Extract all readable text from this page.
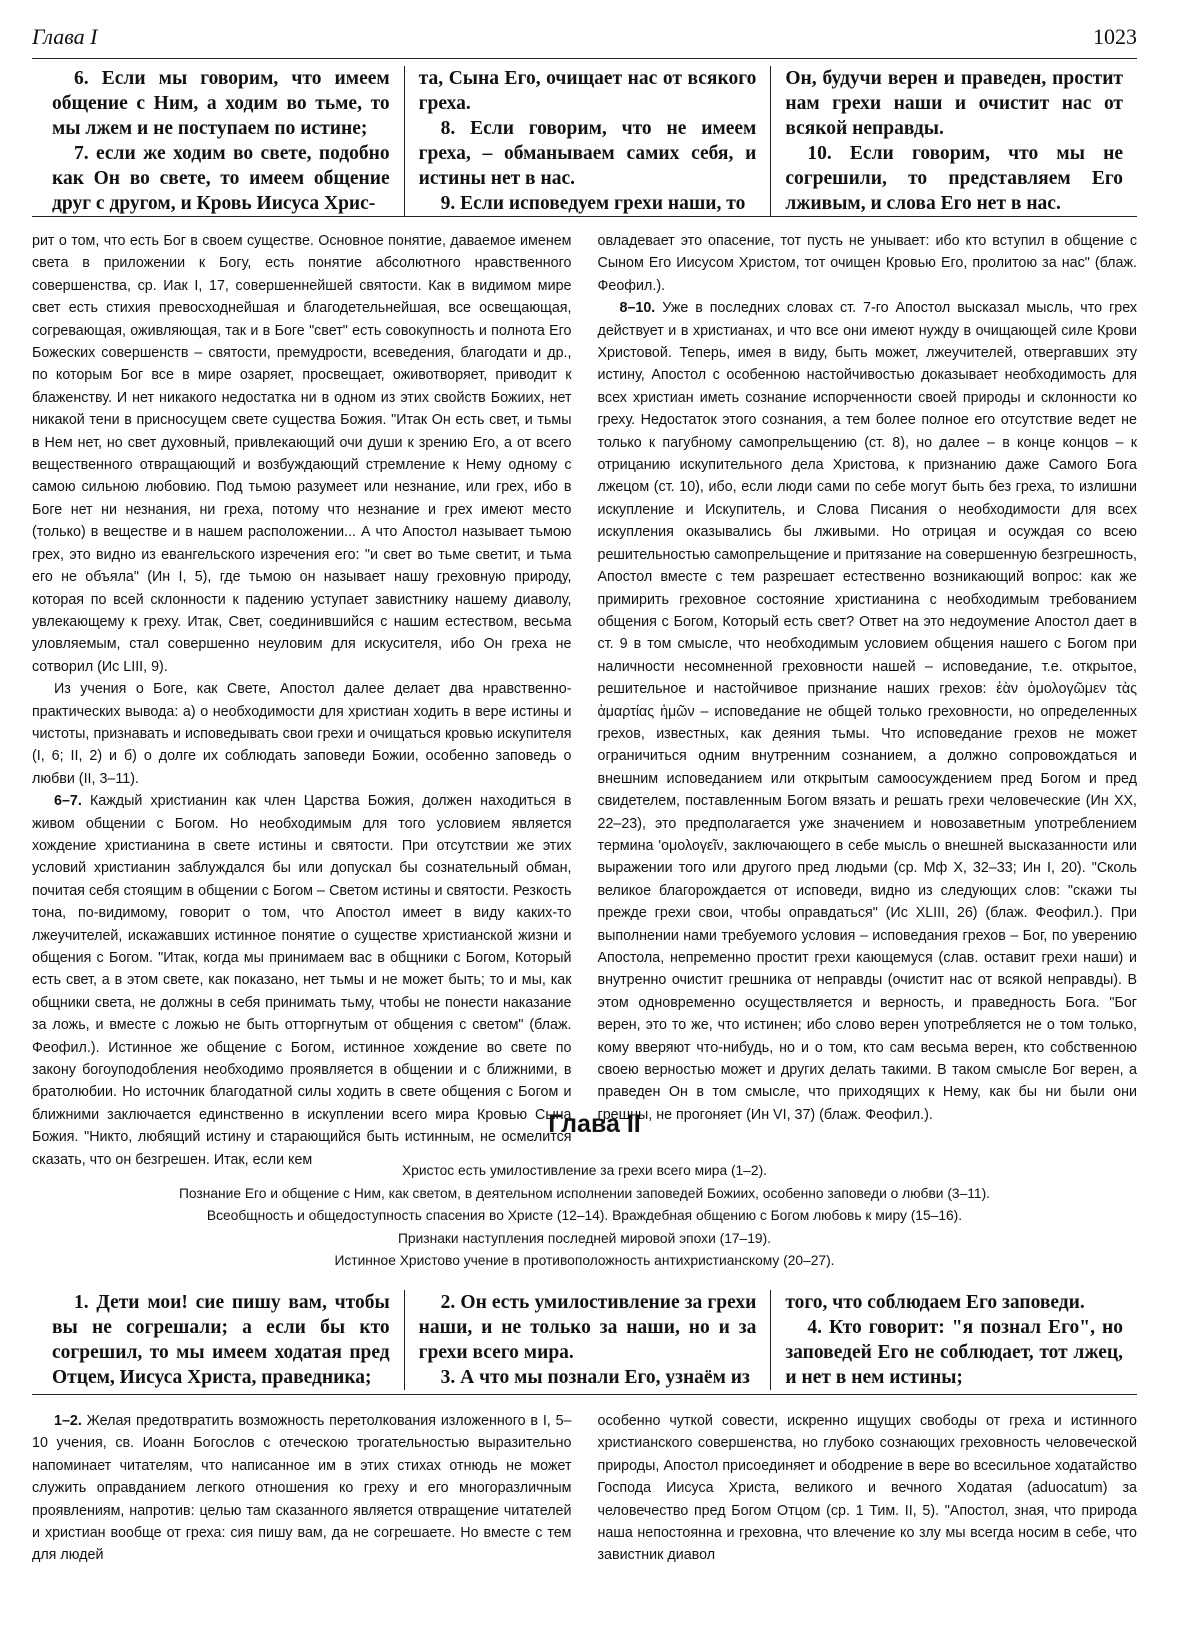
Глава I	1023

6. Если мы говорим, что имеем общение с Ним, а ходим во тьме, то мы лжем и не поступаем по истине;

7. если же ходим во свете, подобно как Он во свете, то имеем общение друг с другом, и Кровь Иисуса Хрис-

та, Сына Его, очищает нас от всякого греха.

8. Если говорим, что не имеем греха, – обманываем самих себя, и истины нет в нас.

9. Если исповедуем грехи наши, то

Он, будучи верен и праведен, простит нам грехи наши и очистит нас от всякой неправды.

10. Если говорим, что мы не согрешили, то представляем Его лживым, и слова Его нет в нас.

рит о том, что есть Бог в своем существе. Основное понятие, даваемое именем света в приложении к Богу, есть понятие абсолютного нравственного совершенства, ср. Иак I, 17, совершеннейшей святости. Как в видимом мире свет есть стихия превосходнейшая и благодетельнейшая, все освещающая, согревающая, оживляющая, так и в Боге "свет" есть совокупность и полнота Его Божеских совершенств – святости, премудрости, всеведения, благодати и др., по которым Бог все в мире озаряет, просвещает, оживотворяет, приводит к блаженству. И нет никакого недостатка ни в одном из этих свойств Божиих, нет никакой тени в присносущем свете существа Божия. "Итак Он есть свет, и тьмы в Нем нет, но свет духовный, привлекающий очи души к зрению Его, а от всего вещественного отвращающий и возбуждающий стремление к Нему одному с самою сильною любовию. Под тьмою разумеет или незнание, или грех, ибо в Боге нет ни незнания, ни греха, потому что незнание и грех имеют место (только) в веществе и в нашем расположении... А что Апостол называет тьмою грех, это видно из евангельского изречения его: "и свет во тьме светит, и тьма его не объяла" (Ин I, 5), где тьмою он называет нашу греховную природу, которая по всей склонности к падению уступает завистнику нашему диаволу, увлекающему к греху. Итак, Свет, соединившийся с нашим естеством, весьма уловляемым, стал совершенно неуловим для искусителя, ибо Он греха не сотворил (Ис LIII, 9).

Из учения о Боге, как Свете, Апостол далее делает два нравственно-практических вывода: а) о необходимости для христиан ходить в вере истины и чистоты, признавать и исповедывать свои грехи и очищаться кровью искупителя (I, 6; II, 2) и б) о долге их соблюдать заповеди Божии, особенно заповедь о любви (II, 3–11).

6–7. Каждый христианин как член Царства Божия, должен находиться в живом общении с Богом. Но необходимым для того условием является хождение христианина в свете истины и святости. При отсутствии же этих условий христианин заблуждался бы или допускал бы сознательный обман, почитая себя стоящим в общении с Богом – Светом истины и святости. Резкость тона, по-видимому, говорит о том, что Апостол имеет в виду каких-то лжеучителей, искажавших истинное понятие о существе христианской жизни и общения с Богом. "Итак, когда мы принимаем вас в общники с Богом, Который есть свет, а в этом свете, как показано, нет тьмы и не может быть; то и мы, как общники света, не должны в себя принимать тьму, чтобы не понести наказание за ложь, и вместе с ложью не быть отторгнутым от общения с светом" (блаж. Феофил.). Истинное же общение с Богом, истинное хождение во свете по закону богоуподобления необходимо проявляется в общении и с ближними, в братолюбии. Но источник благодатной силы ходить в свете общения с Богом и ближними заключается единственно в искуплении всего мира Кровью Сына Божия. "Никто, любящий истину и старающийся быть истинным, не осмелится сказать, что он безгрешен. Итак, если кем

овладевает это опасение, тот пусть не унывает: ибо кто вступил в общение с Сыном Его Иисусом Христом, тот очищен Кровью Его, пролитою за нас" (блаж. Феофил.).

8–10. Уже в последних словах ст. 7-го Апостол высказал мысль, что грех действует и в христианах, и что все они имеют нужду в очищающей силе Крови Христовой. Теперь, имея в виду, быть может, лжеучителей, отвергавших эту истину, Апостол с особенною настойчивостью доказывает необходимость для всех христиан иметь сознание испорченности своей природы и склонности ко греху. Недостаток этого сознания, а тем более полное его отсутствие ведет не только к пагубному самопрельщению (ст. 8), но далее – в конце концов – к отрицанию искупительного дела Христова, к признанию даже Самого Бога лжецом (ст. 10), ибо, если люди сами по себе могут быть без греха, то излишни искупление и Искупитель, и Слова Писания о необходимости для всех искупления оказывались бы лживыми. Но отрицая и осуждая со всею решительностью самопрельщение и притязание на совершенную безгрешность, Апостол вместе с тем разрешает естественно возникающий вопрос: как же примирить греховное состояние христианина с необходимым требованием общения с Богом, Который есть свет? Ответ на это недоумение Апостол дает в ст. 9 в том смысле, что необходимым условием общения нашего с Богом при наличности несомненной греховности нашей – исповедание, т.е. открытое, решительное и настойчивое признание наших грехов: ἐὰν ὁμολογῶμεν τὰς ἁμαρτίας ἡμῶν – исповедание не общей только греховности, но определенных грехов, известных, как деяния тьмы. Что исповедание грехов не может ограничиться одним внутренним сознанием, а должно сопровождаться и внешним исповеданием или открытым самоосуждением пред Богом и пред свидетелем, поставленным Богом вязать и решать грехи человеческие (Ин XX, 22–23), это предполагается уже значением и новозаветным употреблением термина 'ομολογεῖν, заключающего в себе мысль о внешней высказанности или выражении того или другого пред людьми (ср. Мф X, 32–33; Ин I, 20). "Сколь великое благорождается от исповеди, видно из следующих слов: "скажи ты прежде грехи свои, чтобы оправдаться" (Ис XLIII, 26) (блаж. Феофил.). При выполнении нами требуемого условия – исповедания грехов – Бог, по уверению Апостола, непременно простит грехи кающемуся (слав. оставит грехи наши) и внутренно очистит грешника от неправды (очистит нас от всякой неправды). В этом одновременно осуществляется и верность, и праведность Бога. "Бог верен, это то же, что истинен; ибо слово верен употребляется не о том только, кому вверяют что-нибудь, но и о том, кто сам весьма верен, кто собственною своею верностью может и других делать такими. В таком смысле Бог верен, а праведен Он в том смысле, что приходящих к Нему, как бы ни были они грешны, не прогоняет (Ин VI, 37) (блаж. Феофил.).

Глава II
Христос есть умилостивление за грехи всего мира (1–2).
Познание Его и общение с Ним, как светом, в деятельном исполнении заповедей Божиих, особенно заповеди о любви (3–11).
Всеобщность и общедоступность спасения во Христе (12–14). Враждебная общению с Богом любовь к миру (15–16).
Признаки наступления последней мировой эпохи (17–19).
Истинное Христово учение в противоположность антихристианскому (20–27).

1. Дети мои! сие пишу вам, чтобы вы не согрешали; а если бы кто согрешил, то мы имеем ходатая пред Отцем, Иисуса Христа, праведника;

2. Он есть умилостивление за грехи наши, и не только за наши, но и за грехи всего мира.

3. А что мы познали Его, узнаём из

того, что соблюдаем Его заповеди.

4. Кто говорит: "я познал Его", но заповедей Его не соблюдает, тот лжец, и нет в нем истины;

1–2. Желая предотвратить возможность перетолкования изложенного в I, 5–10 учения, св. Иоанн Богослов с отеческою трогательностью выразительно напоминает читателям, что написанное им в этих стихах отнюдь не может служить оправданием легкого отношения ко греху и его многоразличным проявлениям, напротив: целью там сказанного является отвращение читателей и христиан вообще от греха: сия пишу вам, да не согрешаете. Но вместе с тем для людей

особенно чуткой совести, искренно ищущих свободы от греха и истинного христианского совершенства, но глубоко сознающих греховность человеческой природы, Апостол присоединяет и ободрение в вере во всесильное ходатайство Господа Иисуса Христа, великого и вечного Ходатая (aduocatum) за человечество пред Богом Отцом (ср. 1 Тим. II, 5). "Апостол, зная, что природа наша непостоянна и греховна, что влечение ко злу мы всегда носим в себе, что завистник диавол
